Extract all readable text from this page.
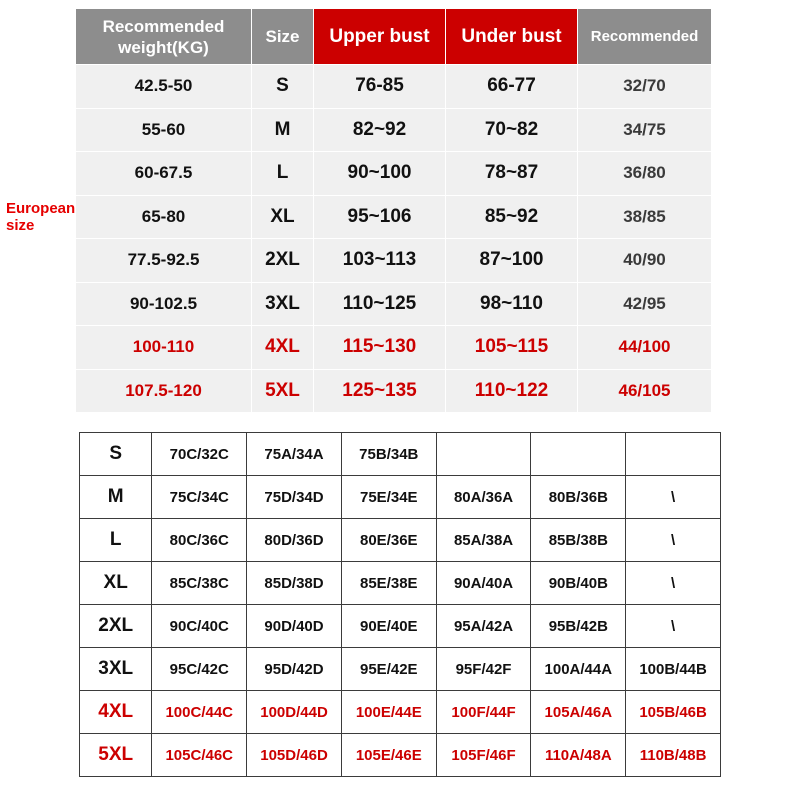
European size
Recommended weight(KG)	Size	Upper bust	Under bust	Recommended
42.5-50	S	76-85	66-77	32/70
55-60	M	82~92	70~82	34/75
60-67.5	L	90~100	78~87	36/80
65-80	XL	95~106	85~92	38/85
77.5-92.5	2XL	103~113	87~100	40/90
90-102.5	3XL	110~125	98~110	42/95
100-110	4XL	115~130	105~115	44/100
107.5-120	5XL	125~135	110~122	46/105
S	70C/32C	75A/34A	75B/34B			
M	75C/34C	75D/34D	75E/34E	80A/36A	80B/36B	\
L	80C/36C	80D/36D	80E/36E	85A/38A	85B/38B	\
XL	85C/38C	85D/38D	85E/38E	90A/40A	90B/40B	\
2XL	90C/40C	90D/40D	90E/40E	95A/42A	95B/42B	\
3XL	95C/42C	95D/42D	95E/42E	95F/42F	100A/44A	100B/44B
4XL	100C/44C	100D/44D	100E/44E	100F/44F	105A/46A	105B/46B
5XL	105C/46C	105D/46D	105E/46E	105F/46F	110A/48A	110B/48B
